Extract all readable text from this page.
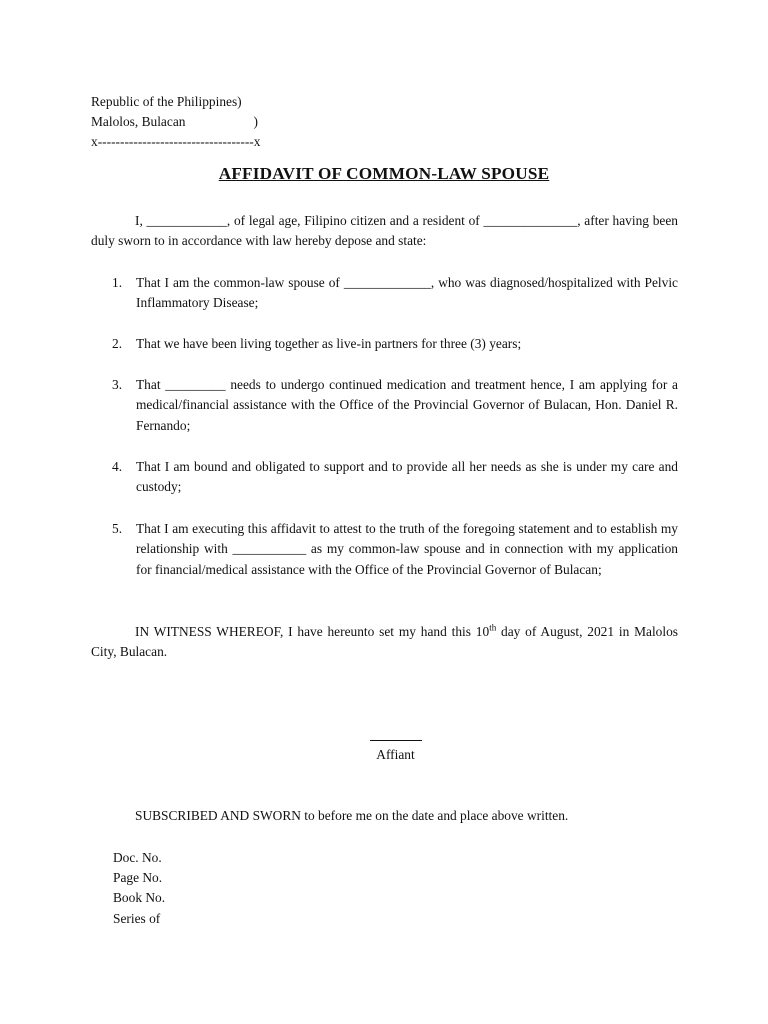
Republic of the Philippines )
Malolos, Bulacan	)
x-----------------------------------x
AFFIDAVIT OF COMMON-LAW SPOUSE
I, ____________, of legal age, Filipino citizen and a resident of ______________, after having been duly sworn to in accordance with law hereby depose and state:
1.	That I am the common-law spouse of _____________, who was diagnosed/hospitalized with Pelvic Inflammatory Disease;
2.	That we have been living together as live-in partners for three (3) years;
3.	That _________ needs to undergo continued medication and treatment hence, I am applying for a medical/financial assistance with the Office of the Provincial Governor of Bulacan, Hon. Daniel R. Fernando;
4.	That I am bound and obligated to support and to provide all her needs as she is under my care and custody;
5.	That I am executing this affidavit to attest to the truth of the foregoing statement and to establish my relationship with ___________ as my common-law spouse and in connection with my application for financial/medical assistance with the Office of the Provincial Governor of Bulacan;
IN WITNESS WHEREOF, I have hereunto set my hand this 10th day of August, 2021 in Malolos City, Bulacan.
Affiant
SUBSCRIBED AND SWORN to before me on the date and place above written.
Doc. No.
Page No.
Book No.
Series of
